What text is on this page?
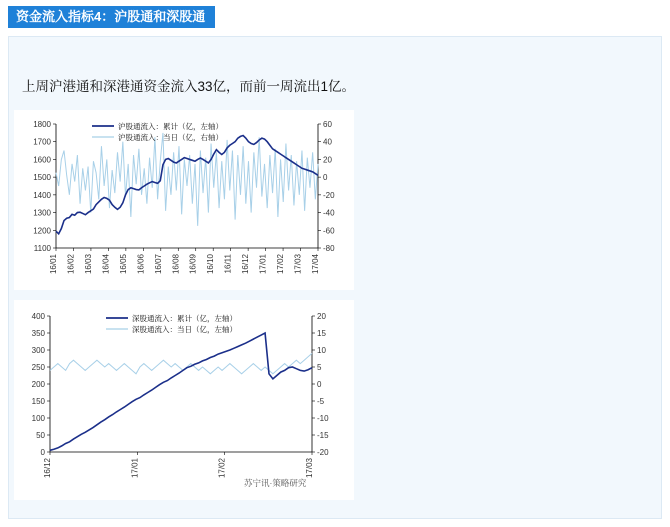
资金流入指标4：沪股通和深股通
上周沪港通和深港通资金流入33亿，而前一周流出1亿。
1100
1200
1300
1400
1500
1600
1700
1800
-80
-60
-40
-20
0
20
40
60
16/01 16/02 16/03 16/04 16/05 16/06 16/07 16/08 16/09 16/10 16/11 16/12 17/01 17/02 17/03 17/04
沪股通流入：累计（亿，左轴）
沪股通流入：当日（亿，右轴）
0
50
100
150
200
250
300
350
400
-20
-15
-10
-5
0
5
10
15
20
16/12	17/01	17/02	17/03
深股通流入：累计（亿，左轴）
深股通流入：当日（亿，左轴）
苏宁讯·策略研究
